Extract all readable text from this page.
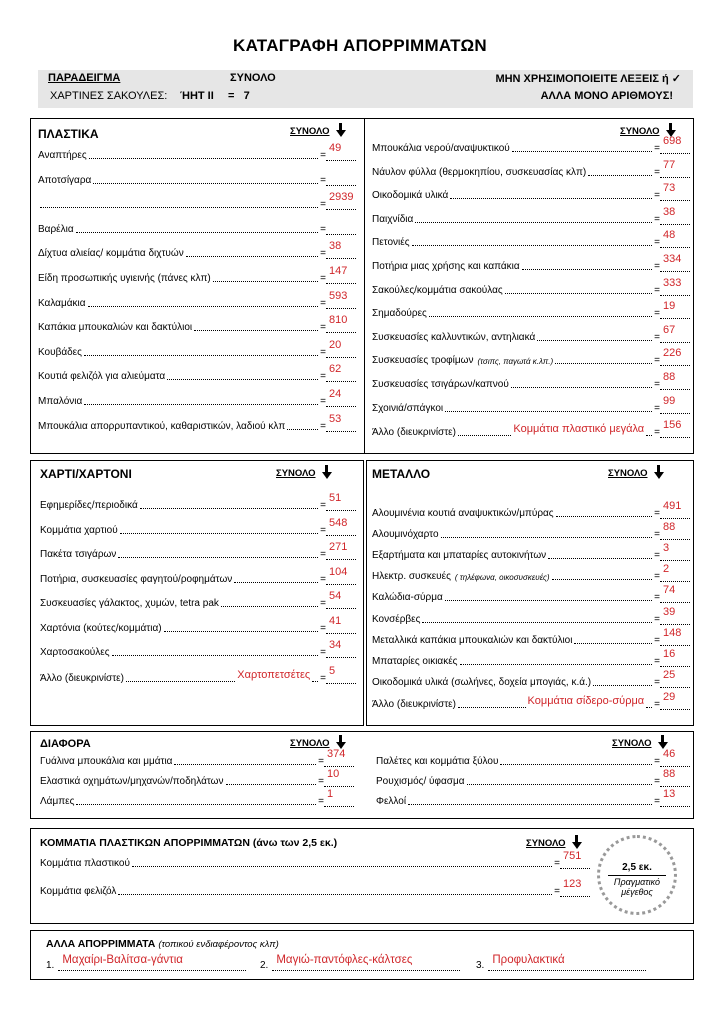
ΚΑΤΑΓΡΑΦΗ ΑΠΟΡΡΙΜΜΑΤΩΝ
ΠΑΡΑΔΕΙΓΜΑ	ΣΥΝΟΛΟ
ΧΑΡΤΙΝΕΣ ΣΑΚΟΥΛΕΣ: ΉΗΤ ΙΙ =   7
ΜΗΝ ΧΡΗΣΙΜΟΠΟΙΕΙΤΕ ΛΕΞΕΙΣ ή ✓
ΑΛΛΑ ΜΟΝΟ ΑΡΙΘΜΟΥΣ!
ΠΛΑΣΤΙΚΑ	ΣΥΝΟΛΟ	ΣΥΝΟΛΟ
Αναπτήρες	=
49
Αποτσίγαρα	=
=
2939
Βαρέλια	=
Δίχτυα αλιείας/ κομμάτια διχτυών	=
38
Είδη προσωπικής υγιεινής (πάνες κλπ)	=
147
Καλαμάκια	=
593
Καπάκια μπουκαλιών και δακτύλιοι	=
810
Κουβάδες	=
20
Κουτιά φελιζόλ για αλιεύματα	=
62
Μπαλόνια	=
24
Μπουκάλια απορρυπαντικού, καθαριστικών, λαδιού κλπ	=
53
Μπουκάλια νερού/αναψυκτικού	=
698
Νάυλον φύλλα (θερμοκηπίου, συσκευασίας κλπ)	=
77
Οικοδομικά υλικά	=
73
Παιχνίδια	=
38
Πετονιές	=
48
Ποτήρια μιας χρήσης και καπάκια	=
334
Σακούλες/κομμάτια σακούλας	=
333
Σημαδούρες	=
19
Συσκευασίες καλλυντικών, αντηλιακά	=
67
Συσκευασίες τροφίμων (τσιπς, παγωτά κ.λπ.)	=
226
Συσκευασίες τσιγάρων/καπνού	=
88
Σχοινιά/σπάγκοι	=
99
Άλλο (διευκρινίστε)	Κομμάτια πλαστικό μεγάλα =
156
ΧΑΡΤΙ/ΧΑΡΤΟΝΙ	ΣΥΝΟΛΟ
Εφημερίδες/περιοδικά	=
51
Κομμάτια χαρτιού	=
548
Πακέτα τσιγάρων	=
271
Ποτήρια, συσκευασίες φαγητού/ροφημάτων	=
104
Συσκευασίες γάλακτος, χυμών, tetra pak	=
54
Χαρτόνια (κούτες/κομμάτια)	=
41
Χαρτοσακούλες	=
34
Άλλο (διευκρινίστε)	Χαρτοπετσέτες =
5
ΜΕΤΑΛΛΟ	ΣΥΝΟΛΟ
Αλουμινένια κουτιά αναψυκτικών/μπύρας	=
491
Αλουμινόχαρτο	=
88
Εξαρτήματα και μπαταρίες αυτοκινήτων	=
3
Ηλεκτρ. συσκευές ( τηλέφωνα, οικοσυσκευές)	=
2
Καλώδια-σύρμα	=
74
Κονσέρβες	=
39
Μεταλλικά καπάκια μπουκαλιών και δακτύλιοι	=
148
Μπαταρίες οικιακές	=
16
Οικοδομικά υλικά (σωλήνες, δοχεία μπογιάς, κ.ά.)	=
25
Άλλο (διευκρινίστε)	Κομμάτια σίδερο-σύρμα =
29
ΔΙΑΦΟΡΑ	ΣΥΝΟΛΟ	ΣΥΝΟΛΟ
Γυάλινα μπουκάλια και μμάτια	=
374
Ελαστικά οχημάτων/μηχανών/ποδηλάτων	=
10
Λάμπες	=
1
Παλέτες και κομμάτια ξύλου	=
46
Ρουχισμός/ ύφασμα	=
88
Φελλοί	=
13
ΚΟΜΜΑΤΙΑ ΠΛΑΣΤΙΚΩΝ ΑΠΟΡΡΙΜΜΑΤΩΝ (άνω των 2,5 εκ.)	ΣΥΝΟΛΟ
Κομμάτια πλαστικού	=
751
Κομμάτια φελιζόλ	=
123
2,5 εκ.
Πραγματικό
μέγεθος
ΑΛΛΑ ΑΠΟΡΡΙΜΜΑΤΑ (τοπικού ενδιαφέροντος κλπ)
1. Μαχαίρι-Βαλίτσα-γάντια	2. Μαγιώ-παντόφλες-κάλτσες	3. Προφυλακτικά
